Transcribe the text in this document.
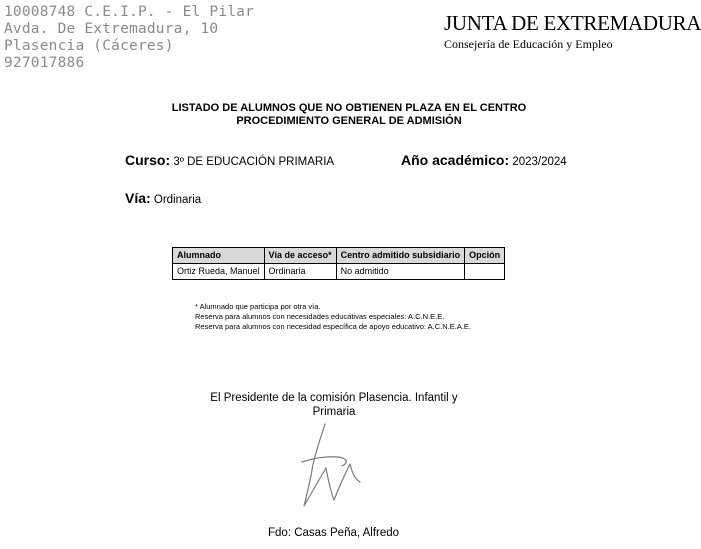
10008748 C.E.I.P. - El Pilar
Avda. De Extremadura, 10
Plasencia (Cáceres)
927017886
JUNTA DE EXTREMADURA
Consejería de Educación y Empleo
LISTADO DE ALUMNOS QUE NO OBTIENEN PLAZA EN EL CENTRO
PROCEDIMIENTO GENERAL DE ADMISIÓN
Curso: 3º DE EDUCACIÓN PRIMARIA	Año académico: 2023/2024
Vía: Ordinaria
Alumnado	Vía de acceso*	Centro admitido subsidiario	Opción
Ortiz Rueda, Manuel	Ordinaria	No admitido	
* Alumnado que participa por otra vía.
Reserva para alumnos con necesidades educativas especiales: A.C.N.E.E.
Reserva para alumnos con necesidad específica de apoyo educativo: A.C.N.E.A.E.
El Presidente de la comisión Plasencia. Infantil y Primaria
Fdo: Casas Peña, Alfredo
